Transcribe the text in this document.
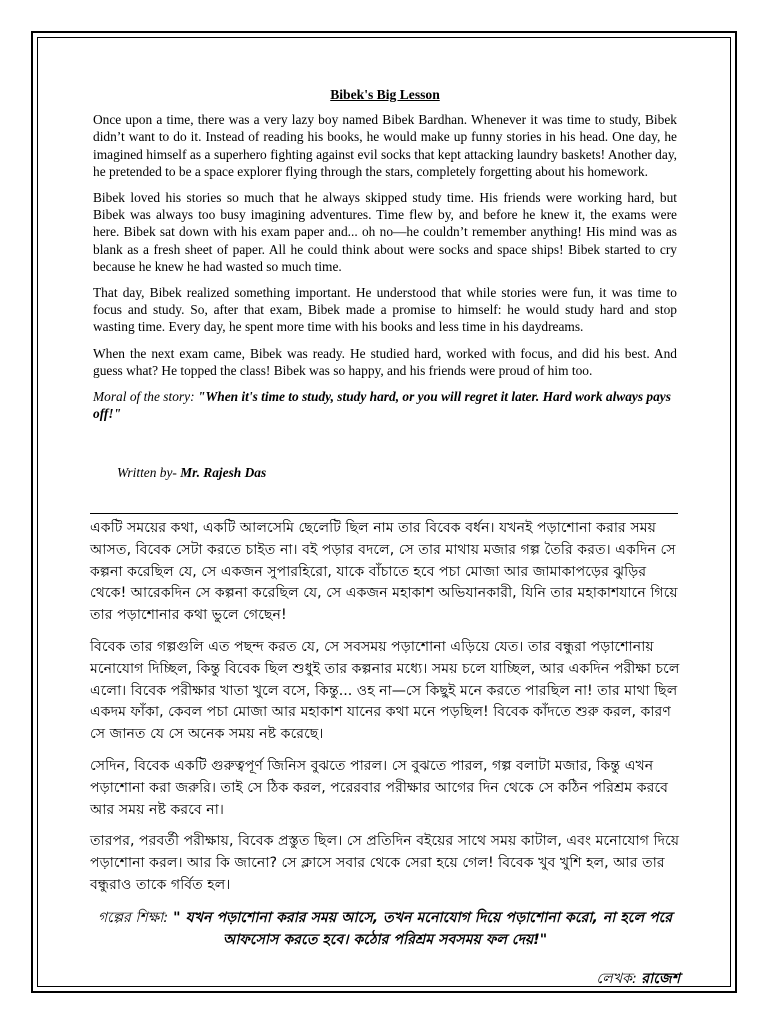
Bibek's Big Lesson

Once upon a time, there was a very lazy boy named Bibek Bardhan. Whenever it was time to study, Bibek didn’t want to do it. Instead of reading his books, he would make up funny stories in his head. One day, he imagined himself as a superhero fighting against evil socks that kept attacking laundry baskets! Another day, he pretended to be a space explorer flying through the stars, completely forgetting about his homework.

Bibek loved his stories so much that he always skipped study time. His friends were working hard, but Bibek was always too busy imagining adventures. Time flew by, and before he knew it, the exams were here. Bibek sat down with his exam paper and... oh no—he couldn’t remember anything! His mind was as blank as a fresh sheet of paper. All he could think about were socks and space ships! Bibek started to cry because he knew he had wasted so much time.

That day, Bibek realized something important. He understood that while stories were fun, it was time to focus and study. So, after that exam, Bibek made a promise to himself: he would study hard and stop wasting time. Every day, he spent more time with his books and less time in his daydreams.

When the next exam came, Bibek was ready. He studied hard, worked with focus, and did his best. And guess what? He topped the class! Bibek was so happy, and his friends were proud of him too.

Moral of the story: "When it's time to study, study hard, or you will regret it later. Hard work always pays off!"

Written by- Mr. Rajesh Das

একটি সময়ের কথা, একটি আলসেমি ছেলেটি ছিল নাম তার বিবেক বর্ধন। যখনই পড়াশোনা করার সময় আসত, বিবেক সেটা করতে চাইত না। বই পড়ার বদলে, সে তার মাথায় মজার গল্প তৈরি করত। একদিন সে কল্পনা করেছিল যে, সে একজন সুপারহিরো, যাকে বাঁচাতে হবে পচা মোজা আর জামাকাপড়ের ঝুড়ির থেকে! আরেকদিন সে কল্পনা করেছিল যে, সে একজন মহাকাশ অভিযানকারী, যিনি তার মহাকাশযানে গিয়ে তার পড়াশোনার কথা ভুলে গেছেন!

বিবেক তার গল্পগুলি এত পছন্দ করত যে, সে সবসময় পড়াশোনা এড়িয়ে যেত। তার বন্ধুরা পড়াশোনায় মনোযোগ দিচ্ছিল, কিন্তু বিবেক ছিল শুধুই তার কল্পনার মধ্যে। সময় চলে যাচ্ছিল, আর একদিন পরীক্ষা চলে এলো। বিবেক পরীক্ষার খাতা খুলে বসে, কিন্তু... ওহ না—সে কিছুই মনে করতে পারছিল না! তার মাথা ছিল একদম ফাঁকা, কেবল পচা মোজা আর মহাকাশ যানের কথা মনে পড়ছিল! বিবেক কাঁদতে শুরু করল, কারণ সে জানত যে সে অনেক সময় নষ্ট করেছে।

সেদিন, বিবেক একটি গুরুত্বপূর্ণ জিনিস বুঝতে পারল। সে বুঝতে পারল, গল্প বলাটা মজার, কিন্তু এখন পড়াশোনা করা জরুরি। তাই সে ঠিক করল, পরেরবার পরীক্ষার আগের দিন থেকে সে কঠিন পরিশ্রম করবে আর সময় নষ্ট করবে না।

তারপর, পরবর্তী পরীক্ষায়, বিবেক প্রস্তুত ছিল। সে প্রতিদিন বইয়ের সাথে সময় কাটাল, এবং মনোযোগ দিয়ে পড়াশোনা করল। আর কি জানো? সে ক্লাসে সবার থেকে সেরা হয়ে গেল! বিবেক খুব খুশি হল, আর তার বন্ধুরাও তাকে গর্বিত হল।

গল্পের শিক্ষা: " যখন পড়াশোনা করার সময় আসে, তখন মনোযোগ দিয়ে পড়াশোনা করো, না হলে পরে আফসোস করতে হবে। কঠোর পরিশ্রম সবসময় ফল দেয়!"

লেখক: রাজেশ
